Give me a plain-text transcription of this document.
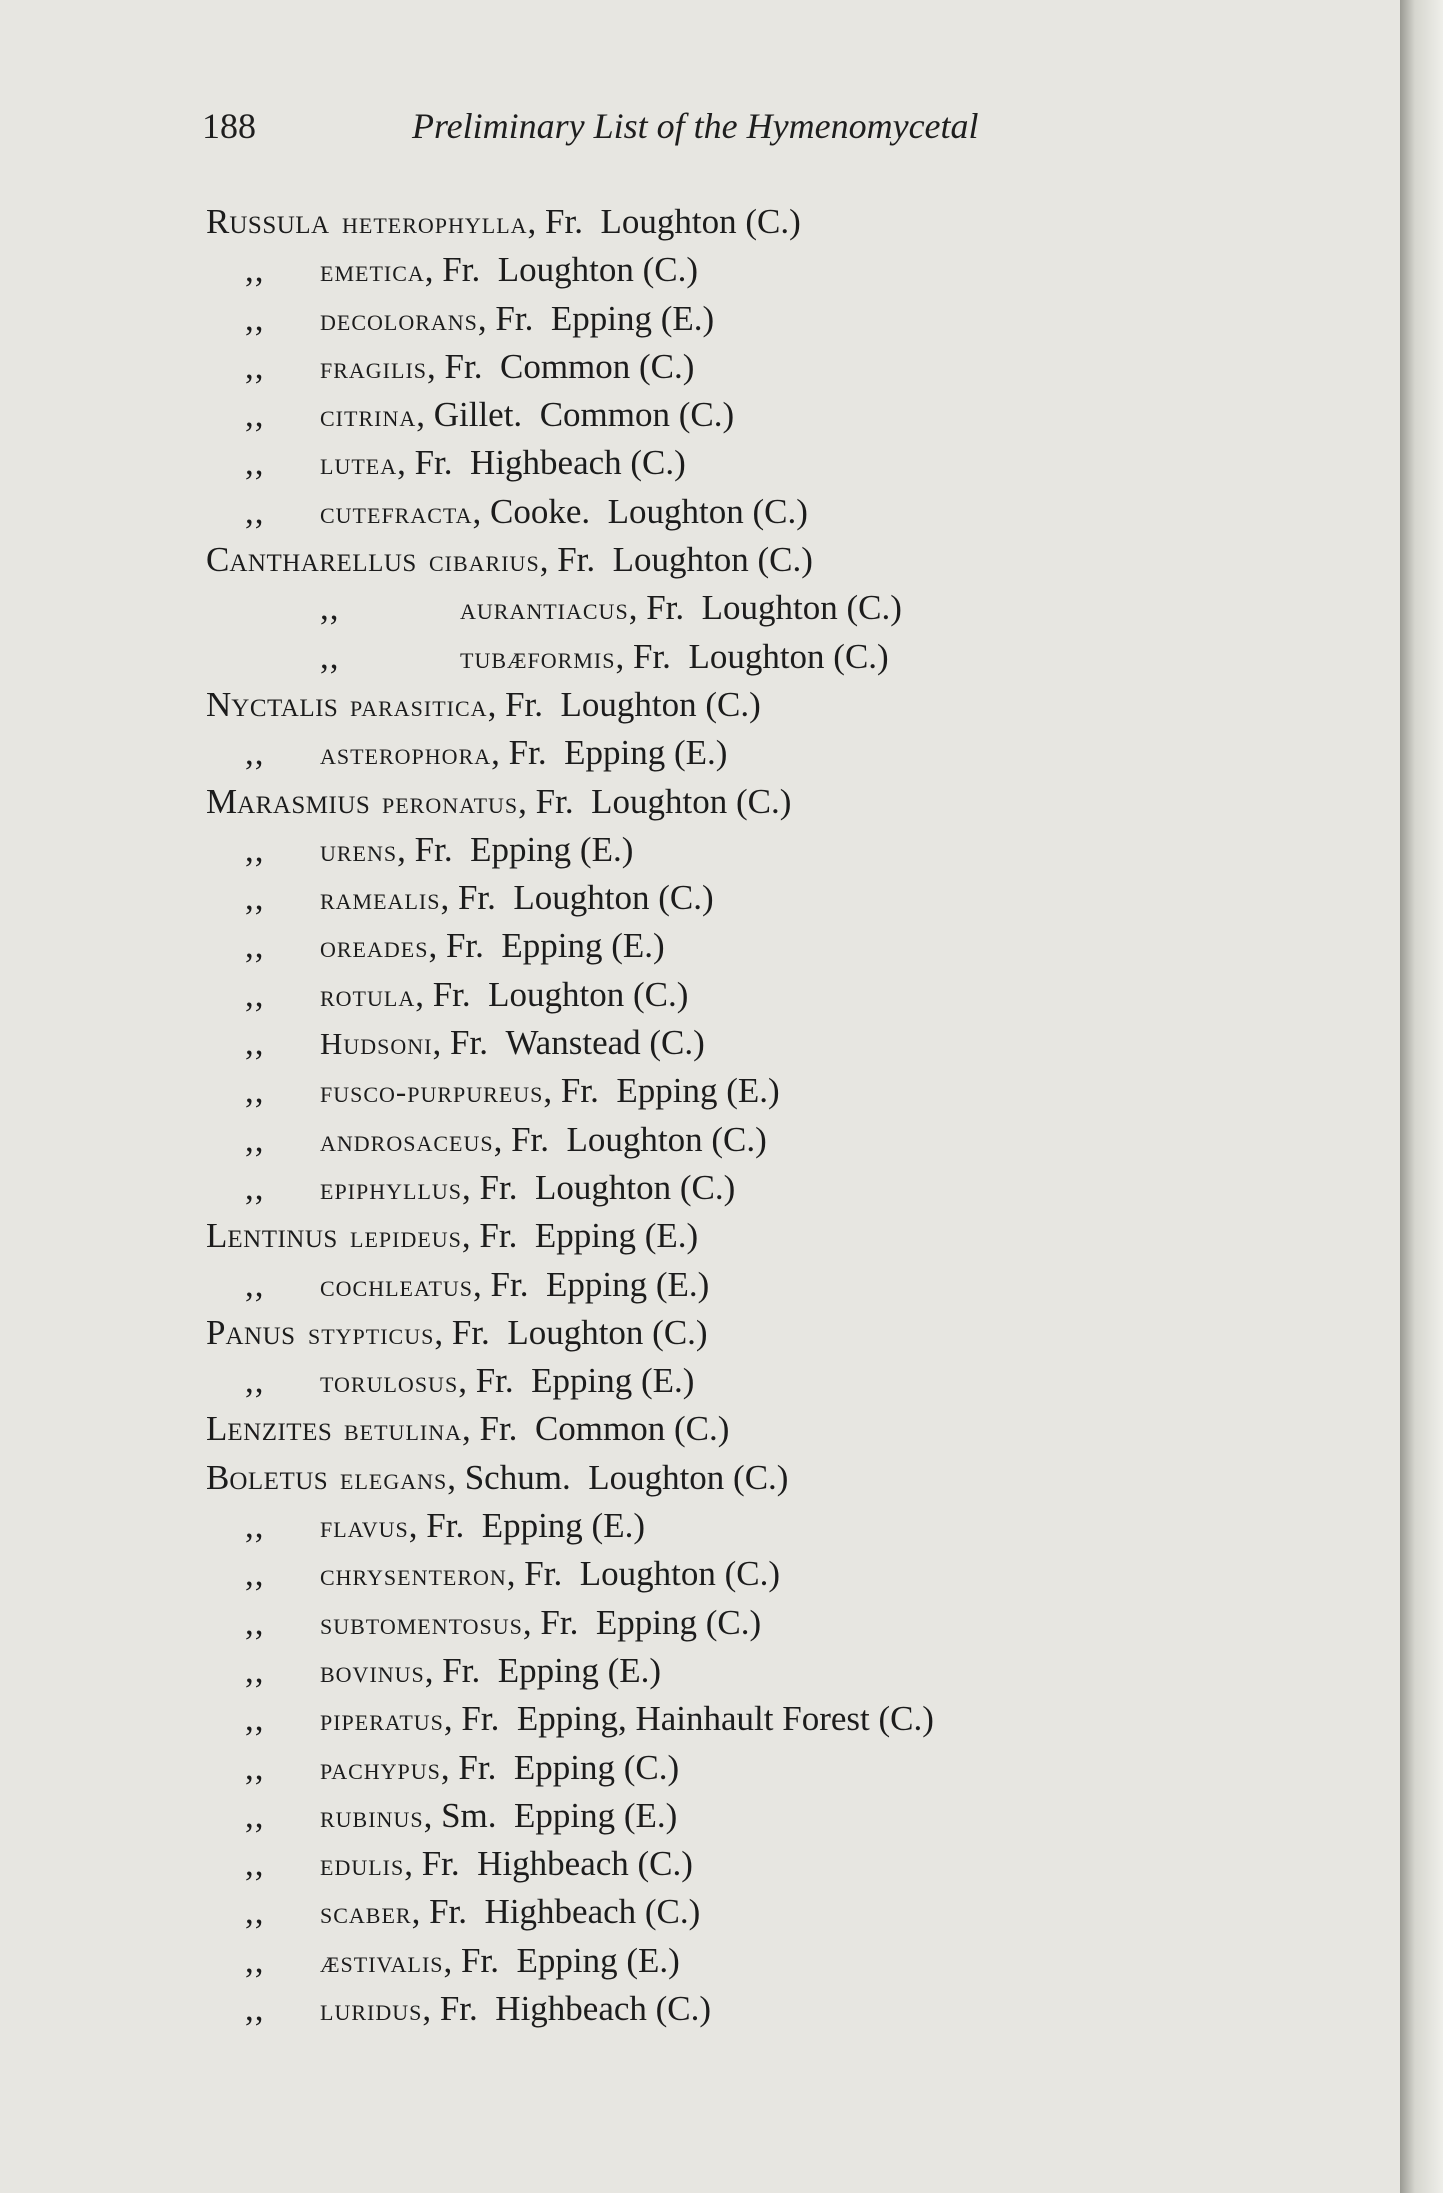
188	Preliminary List of the Hymenomycetal
Russula heterophylla, Fr. Loughton (C.)
,, emetica, Fr. Loughton (C.)
,, decolorans, Fr. Epping (E.)
,, fragilis, Fr. Common (C.)
,, citrina, Gillet. Common (C.)
,, lutea, Fr. Highbeach (C.)
,, cutefracta, Cooke. Loughton (C.)
Cantharellus cibarius, Fr. Loughton (C.)
,,	aurantiacus, Fr. Loughton (C.)
,,	tubæformis, Fr. Loughton (C.)
Nyctalis parasitica, Fr. Loughton (C.)
,, asterophora, Fr. Epping (E.)
Marasmius peronatus, Fr. Loughton (C.)
,, urens, Fr. Epping (E.)
,, ramealis, Fr. Loughton (C.)
,, oreades, Fr. Epping (E.)
,, rotula, Fr. Loughton (C.)
,, Hudsoni, Fr. Wanstead (C.)
,, fusco-purpureus, Fr. Epping (E.)
,, androsaceus, Fr. Loughton (C.)
,, epiphyllus, Fr. Loughton (C.)
Lentinus lepideus, Fr. Epping (E.)
,, cochleatus, Fr. Epping (E.)
Panus stypticus, Fr. Loughton (C.)
,, torulosus, Fr. Epping (E.)
Lenzites betulina, Fr. Common (C.)
Boletus elegans, Schum. Loughton (C.)
,, flavus, Fr. Epping (E.)
,, chrysenteron, Fr. Loughton (C.)
,, subtomentosus, Fr. Epping (C.)
,, bovinus, Fr. Epping (E.)
,, piperatus, Fr. Epping, Hainhault Forest (C.)
,, pachypus, Fr. Epping (C.)
,, rubinus, Sm. Epping (E.)
,, edulis, Fr. Highbeach (C.)
,, scaber, Fr. Highbeach (C.)
,, æstivalis, Fr. Epping (E.)
,, luridus, Fr. Highbeach (C.)
